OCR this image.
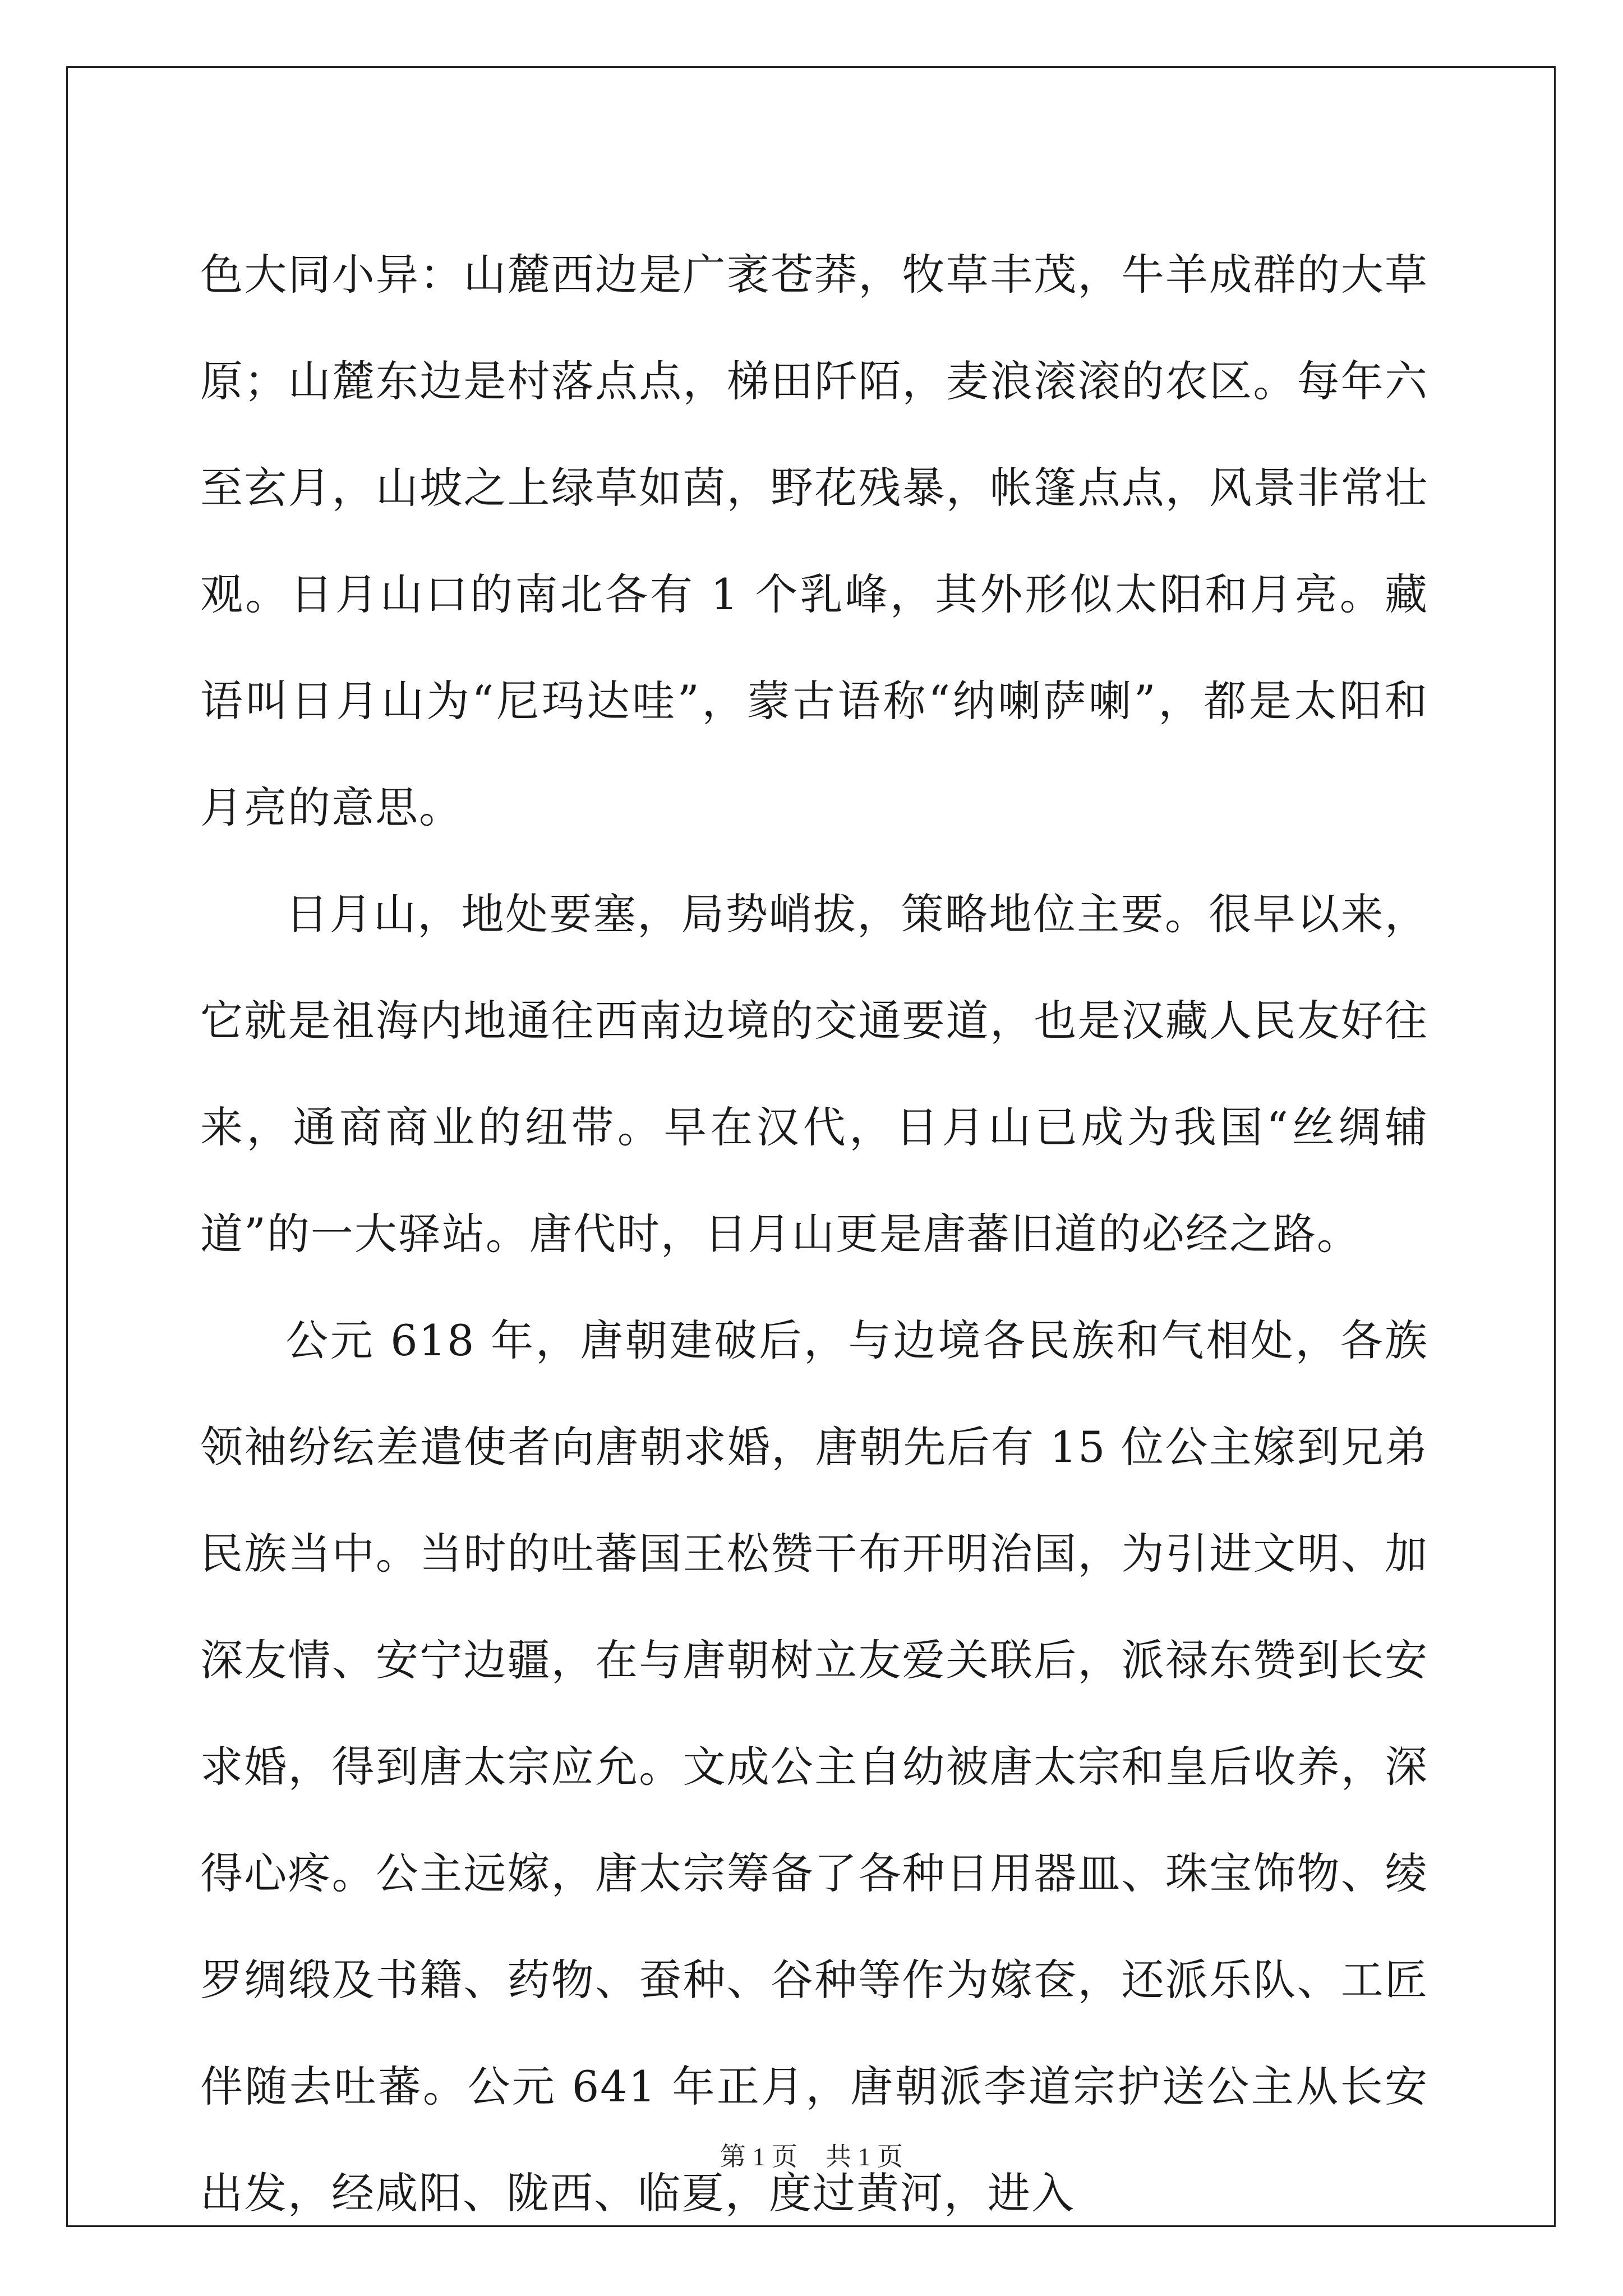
色大同小异：山麓西边是广袤苍莽，牧草丰茂，牛羊成群的大草原；山麓东边是村落点点，梯田阡陌，麦浪滚滚的农区。每年六至玄月，山坡之上绿草如茵，野花残暴，帐篷点点，风景非常壮观。日月山口的南北各有 1 个乳峰，其外形似太阳和月亮。藏语叫日月山为“尼玛达哇”，蒙古语称“纳喇萨喇”，都是太阳和月亮的意思。

日月山，地处要塞，局势峭拔，策略地位主要。很早以来，它就是祖海内地通往西南边境的交通要道，也是汉藏人民友好往来，通商商业的纽带。早在汉代，日月山已成为我国“丝绸辅道”的一大驿站。唐代时，日月山更是唐蕃旧道的必经之路。

公元 618 年，唐朝建破后，与边境各民族和气相处，各族领袖纷纭差遣使者向唐朝求婚，唐朝先后有 15 位公主嫁到兄弟民族当中。当时的吐蕃国王松赞干布开明治国，为引进文明、加深友情、安宁边疆，在与唐朝树立友爱关联后，派禄东赞到长安求婚，得到唐太宗应允。文成公主自幼被唐太宗和皇后收养，深得心疼。公主远嫁，唐太宗筹备了各种日用器皿、珠宝饰物、绫罗绸缎及书籍、药物、蚕种、谷种等作为嫁奁，还派乐队、工匠伴随去吐蕃。公元 641 年正月，唐朝派李道宗护送公主从长安出发，经咸阳、陇西、临夏，度过黄河，进入

第 1 页 共 1 页
